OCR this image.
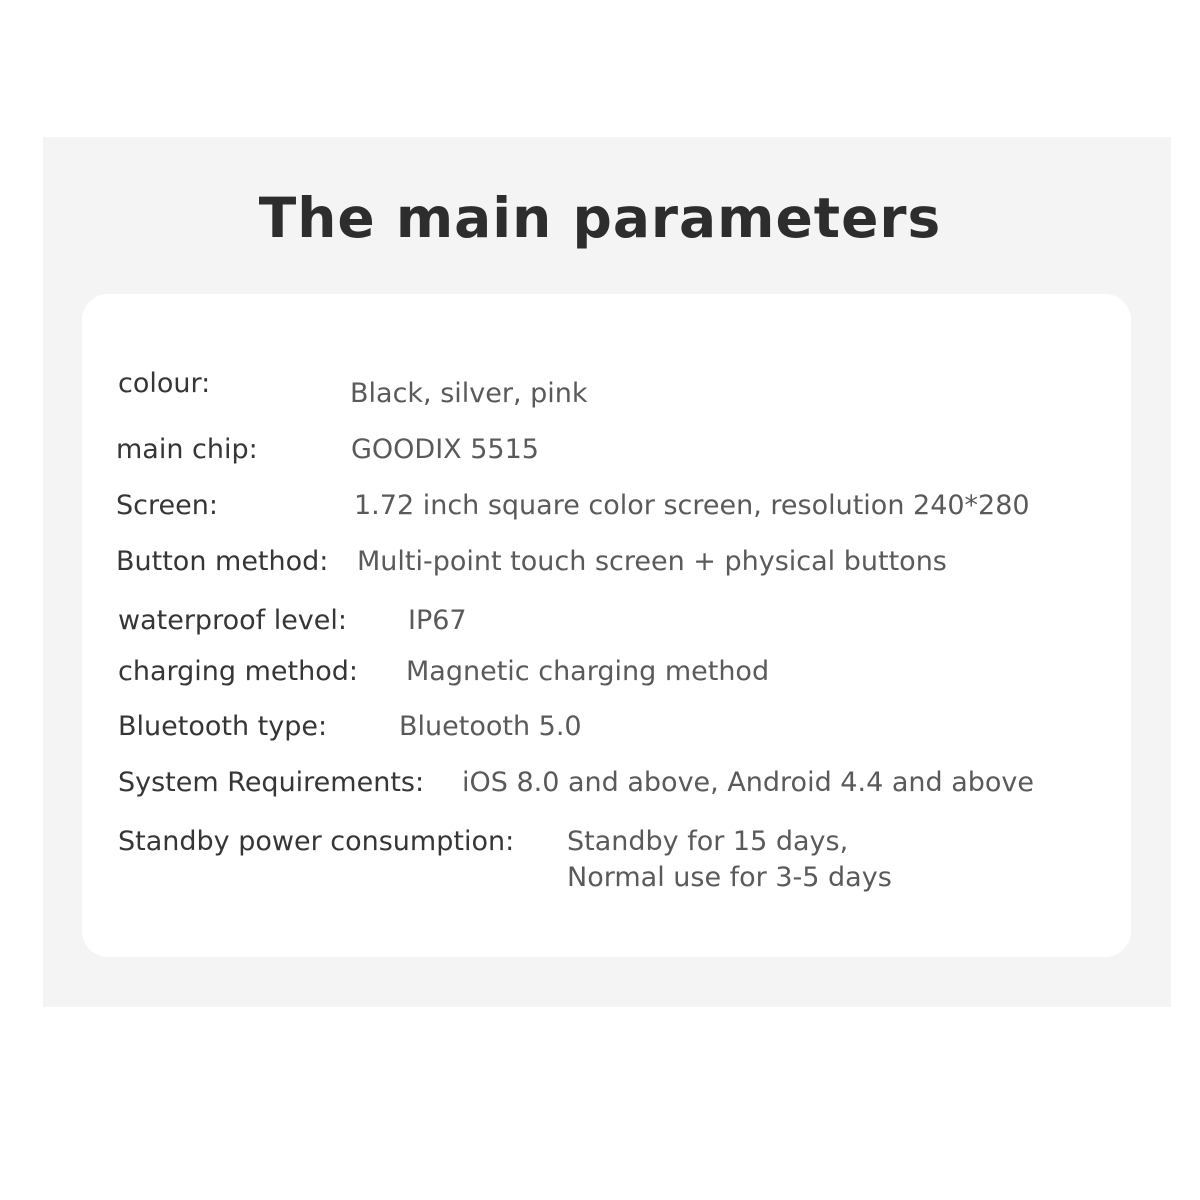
The main parameters
colour:	Black, silver, pink
main chip:	GOODIX 5515
Screen:	1.72 inch square color screen, resolution 240*280
Button method: Multi-point touch screen + physical buttons
waterproof level: IP67
charging method: Magnetic charging method
Bluetooth type:	Bluetooth 5.0
System Requirements: iOS 8.0 and above, Android 4.4 and above
Standby power consumption: Standby for 15 days,
Normal use for 3-5 days
